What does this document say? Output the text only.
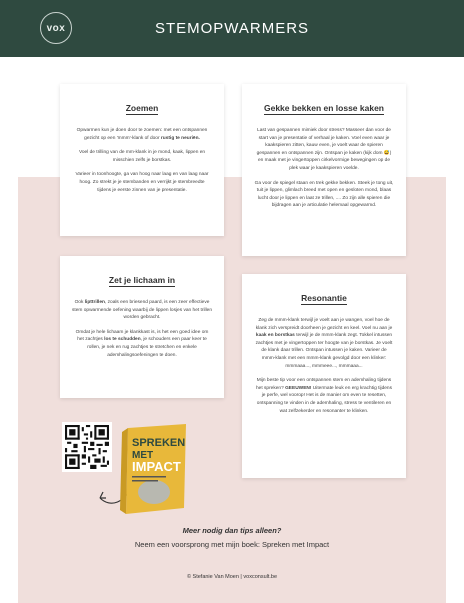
vox	STEMOPWARMERS
Zoemen

Opwarmen kun je doen door te zoemen: met een ontspannen gezicht op een 'mmm'-klank of door rustig te neuriën.

Voel de trilling van de mm-klank in je mond, kaak, lippen en misschien zelfs je borstkas.

Varieer in toonhoogte, ga van hoog naar laag en van laag naar hoog. Zo strekt je je stembanden en verrijkt je stembreedte tijdens je eerste zinnen van je presentatie.

Gekke bekken en losse kaken

Last van gespannen mimiek door stress? Masseer dan voor de start van je presentatie of verhaal je kaken. Voel even waar je kaakspieren zitten, kauw even, je voelt waar de spieren gespannen en ontspannen zijn. Ontspan je kaken (kijk dom 😅) en maak met je vingertoppen cirkelvormige bewegingen op de plek waar je kaakspieren voelde.

Ga voor de spiegel staan en trek gekke bekken. Steek je tong uit, tuit je lippen, glimlach breed met open en gesloten mond, blaas lucht door je lippen en laat ze trillen, .... Zo zijn alle spieren die bijdragen aan je articulatie helemaal opgewarmd.

Zet je lichaam in

Ook lipttrillen, zoals een briesend paard, is een zeer effectieve stem opwarmende oefening waarbij de lippen losjes van het trillen worden gebracht.

Omdat je hele lichaam je klankkast is, is het een goed idee om het zachtjes los te schudden, je schouders een paar keer te rollen, je nek en rug zachtjes te stretchen en enkele ademhalingsoefeningen te doen.

Resonantie

Zeg de mmm-klank terwijl je voelt aan je wangen, voel hoe de klank zich verspreidt doorheen je gezicht en keel. Voel nu aan je kaak en borstkas terwijl je de mmm-klank zegt. Tokkel intussen zachtjes met je vingertoppen ter hoogte van je borstkas. Je voelt de klank daar trillen. Ontspan intussen je kaken. Varieer de mmm-klank met een mmm-klank gevolgd door een klinker: mmmaaa..., mmmeee..., mmmaaa...

Mijn beste tip voor een ontspannen stem en ademhaling tijdens het spreken? GEEUWEN! Uitermate leuk en erg krachtig tijdens je perfe, wel voorop! Het is de manier om even te resetten, ontspanning te vinden in de ademhaling, stress te ventileren en wat zelfzekerder en resonanter te klinken.

SPREKEN
MET
IMPACT
Meer nodig dan tips alleen?
Neem een voorsprong met mijn boek: Spreken met Impact
© Stefanie Van Moen | voxconsult.be
